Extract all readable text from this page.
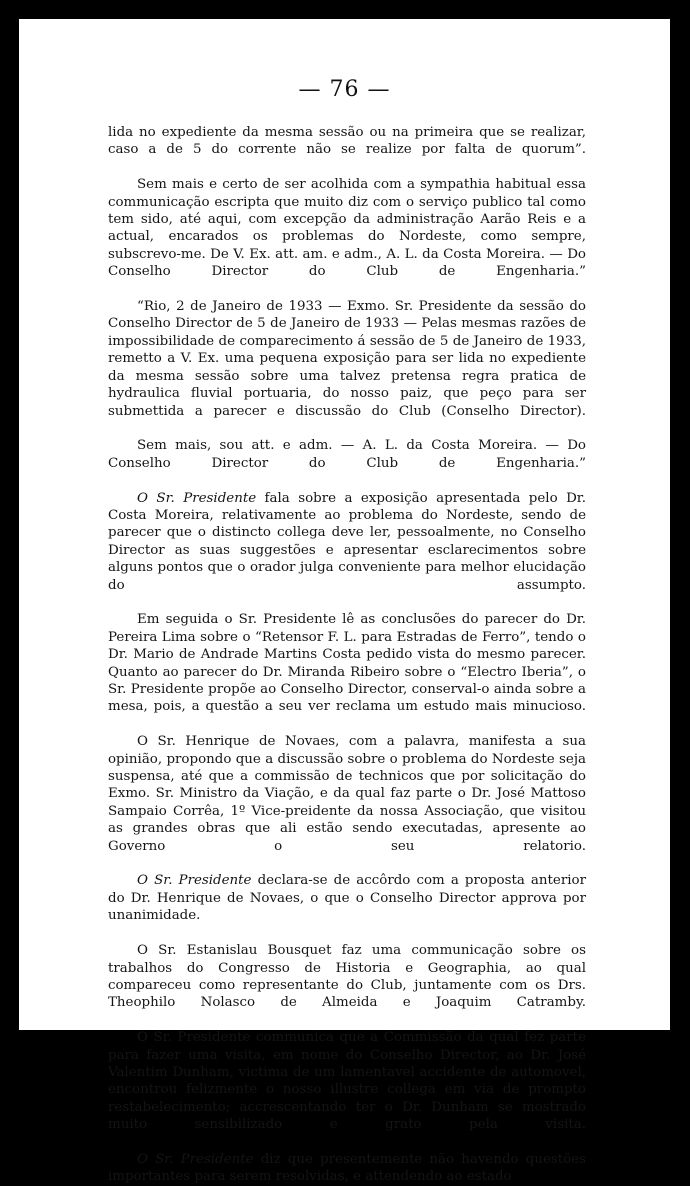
— 76 —

lida no expediente da mesma sessão ou na primeira que se realizar, caso a de 5 do corrente não se realize por falta de quorum”.

Sem mais e certo de ser acolhida com a sympathia habitual essa communicação escripta que muito diz com o serviço publico tal como tem sido, até aqui, com excepção da administração Aarão Reis e a actual, encarados os problemas do Nordeste, como sempre, subscrevo-me. De V. Ex. att. am. e adm., A. L. da Costa Moreira. — Do Conselho Director do Club de Engenharia.”

“Rio, 2 de Janeiro de 1933 — Exmo. Sr. Presidente da sessão do Conselho Director de 5 de Janeiro de 1933 — Pelas mesmas razões de impossibilidade de comparecimento á sessão de 5 de Janeiro de 1933, remetto a V. Ex. uma pequena exposição para ser lida no expediente da mesma sessão sobre uma talvez pretensa regra pratica de hydraulica fluvial portuaria, do nosso paiz, que peço para ser submettida a parecer e discussão do Club (Conselho Director).

Sem mais, sou att. e adm. — A. L. da Costa Moreira. — Do Conselho Director do Club de Engenharia.”

O Sr. Presidente fala sobre a exposição apresentada pelo Dr. Costa Moreira, relativamente ao problema do Nordeste, sendo de parecer que o distincto collega deve ler, pessoalmente, no Conselho Director as suas suggestões e apresentar esclarecimentos sobre alguns pontos que o orador julga conveniente para melhor elucidação do assumpto.

Em seguida o Sr. Presidente lê as conclusões do parecer do Dr. Pereira Lima sobre o “Retensor F. L. para Estradas de Ferro”, tendo o Dr. Mario de Andrade Martins Costa pedido vista do mesmo parecer. Quanto ao parecer do Dr. Miranda Ribeiro sobre o “Electro Iberia”, o Sr. Presidente propõe ao Conselho Director, conserval-o ainda sobre a mesa, pois, a questão a seu ver reclama um estudo mais minucioso.

O Sr. Henrique de Novaes, com a palavra, manifesta a sua opinião, propondo que a discussão sobre o problema do Nordeste seja suspensa, até que a commissão de technicos que por solicitação do Exmo. Sr. Ministro da Viação, e da qual faz parte o Dr. José Mattoso Sampaio Corrêa, 1º Vice-preidente da nossa Associação, que visitou as grandes obras que ali estão sendo executadas, apresente ao Governo o seu relatorio.

O Sr. Presidente declara-se de accôrdo com a proposta anterior do Dr. Henrique de Novaes, o que o Conselho Director approva por unanimidade.

O Sr. Estanislau Bousquet faz uma communicação sobre os trabalhos do Congresso de Historia e Geographia, ao qual compareceu como representante do Club, juntamente com os Drs. Theophilo Nolasco de Almeida e Joaquim Catramby.

O Sr. Presidente communica que a Commissão da qual fez parte para fazer uma visita, em nome do Conselho Director, ao Dr. José Valentim Dunham, victima de um lamentavel accidente de automovel, encontrou felizmente o nosso illustre collega em via de prompto restabelecimento; accrescentando ter o Dr. Dunham se mostrado muito sensibilizado e grato pela visita.

O Sr. Presidente diz que presentemente não havendo questões importantes para serem resolvidas, e attendendo ao estado
